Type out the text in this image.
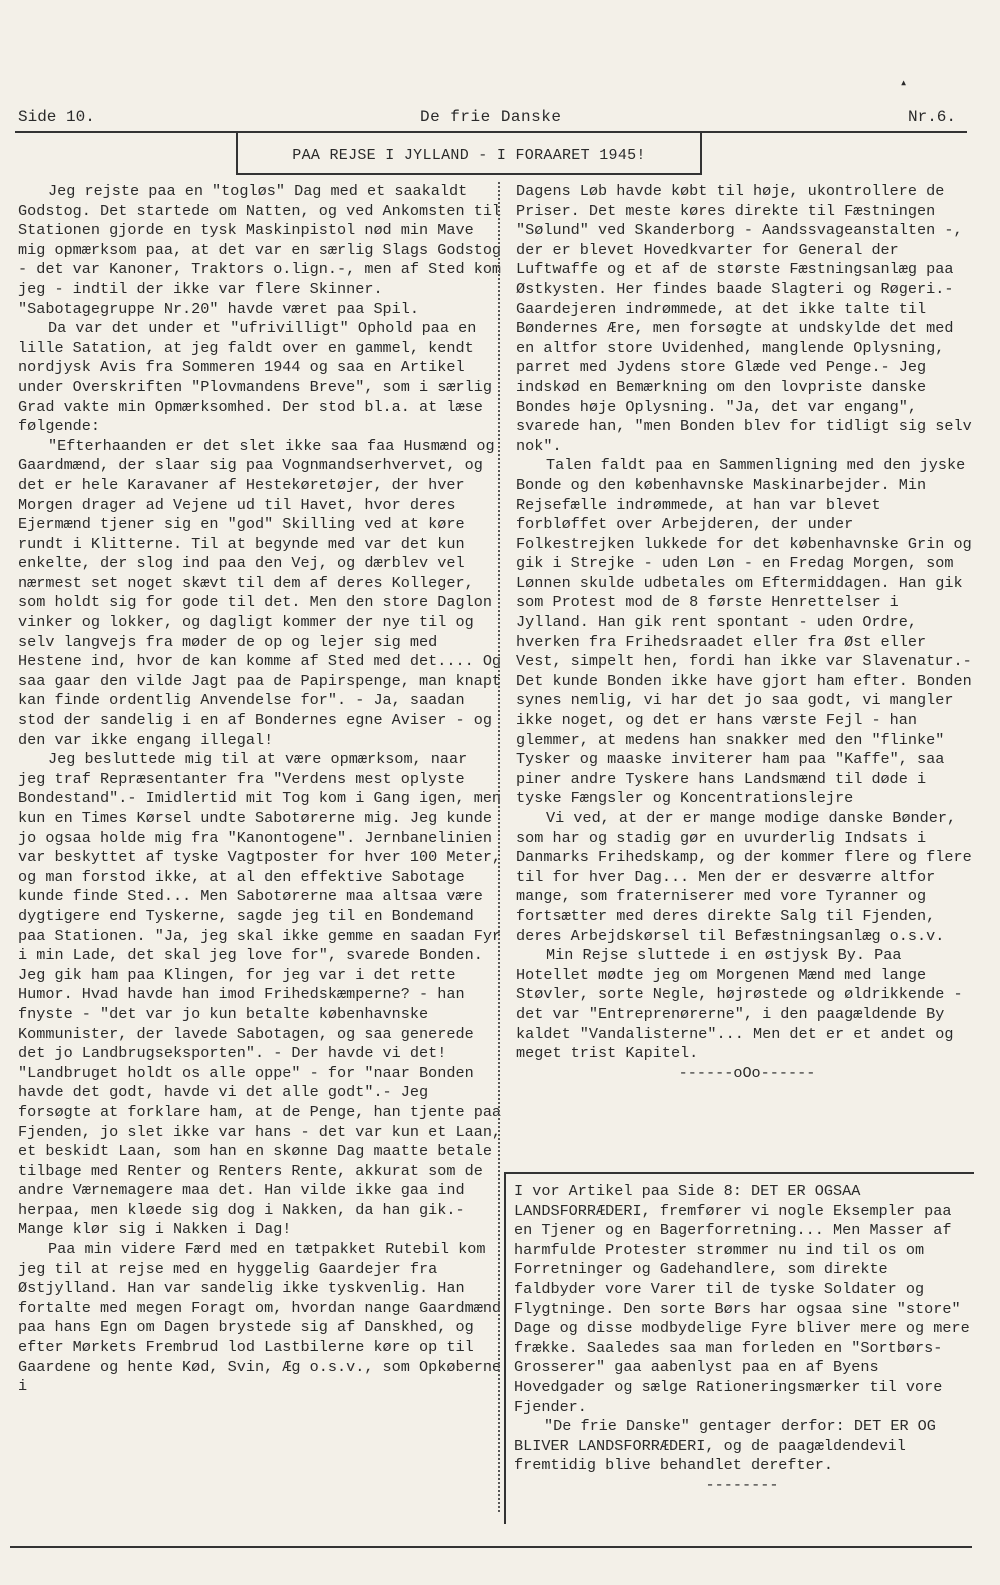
▴
Side 10.	De frie Danske	Nr.6.
PAA REJSE I JYLLAND - I FORAARET 1945!

Jeg rejste paa en "togløs" Dag med et saakaldt Godstog. Det startede om Natten, og ved Ankomsten til Stationen gjorde en tysk Maskinpistol nød min Mave mig opmærksom paa, at det var en særlig Slags Godstog - det var Kanoner, Traktors o.lign.-, men af Sted kom jeg - indtil der ikke var flere Skinner. "Sabotagegruppe Nr.20" havde været paa Spil.

Da var det under et "ufrivilligt" Ophold paa en lille Satation, at jeg faldt over en gammel, kendt nordjysk Avis fra Sommeren 1944 og saa en Artikel under Overskriften "Plovmandens Breve", som i særlig Grad vakte min Opmærksomhed. Der stod bl.a. at læse følgende:

"Efterhaanden er det slet ikke saa faa Husmænd og Gaardmænd, der slaar sig paa Vognmandserhvervet, og det er hele Karavaner af Hestekøretøjer, der hver Morgen drager ad Vejene ud til Havet, hvor deres Ejermænd tjener sig en "god" Skilling ved at køre rundt i Klitterne. Til at begynde med var det kun enkelte, der slog ind paa den Vej, og dærblev vel nærmest set noget skævt til dem af deres Kolleger, som holdt sig for gode til det. Men den store Daglon vinker og lokker, og dagligt kommer der nye til og selv langvejs fra møder de op og lejer sig med Hestene ind, hvor de kan komme af Sted med det.... Og saa gaar den vilde Jagt paa de Papirspenge, man knapt kan finde ordentlig Anvendelse for". - Ja, saadan stod der sandelig i en af Bondernes egne Aviser - og den var ikke engang illegal!

Jeg besluttede mig til at være opmærksom, naar jeg traf Repræsentanter fra "Verdens mest oplyste Bondestand".- Imidlertid mit Tog kom i Gang igen, men kun en Times Kørsel undte Sabotørerne mig. Jeg kunde jo ogsaa holde mig fra "Kanontogene". Jernbanelinien var beskyttet af tyske Vagtposter for hver 100 Meter, og man forstod ikke, at al den effektive Sabotage kunde finde Sted... Men Sabotørerne maa altsaa være dygtigere end Tyskerne, sagde jeg til en Bondemand paa Stationen. "Ja, jeg skal ikke gemme en saadan Fyr i min Lade, det skal jeg love for", svarede Bonden. Jeg gik ham paa Klingen, for jeg var i det rette Humor. Hvad havde han imod Frihedskæmperne? - han fnyste - "det var jo kun betalte københavnske Kommunister, der lavede Sabotagen, og saa generede det jo Landbrugseksporten". - Der havde vi det! "Landbruget holdt os alle oppe" - for "naar Bonden havde det godt, havde vi det alle godt".- Jeg forsøgte at forklare ham, at de Penge, han tjente paa Fjenden, jo slet ikke var hans - det var kun et Laan, et beskidt Laan, som han en skønne Dag maatte betale tilbage med Renter og Renters Rente, akkurat som de andre Værnemagere maa det. Han vilde ikke gaa ind herpaa, men kløede sig dog i Nakken, da han gik.- Mange klør sig i Nakken i Dag!

Paa min videre Færd med en tætpakket Rutebil kom jeg til at rejse med en hyggelig Gaardejer fra Østjylland. Han var sandelig ikke tyskvenlig. Han fortalte med megen Foragt om, hvordan nange Gaardmænd paa hans Egn om Dagen brystede sig af Danskhed, og efter Mørkets Frembrud lod Lastbilerne køre op til Gaardene og hente Kød, Svin, Æg o.s.v., som Opkøberne i

Dagens Løb havde købt til høje, ukontrollere de Priser. Det meste køres direkte til Fæstningen "Sølund" ved Skanderborg - Aandssvageanstalten -, der er blevet Hovedkvarter for General der Luftwaffe og et af de største Fæstningsanlæg paa Østkysten. Her findes baade Slagteri og Røgeri.- Gaardejeren indrømmede, at det ikke talte til Bøndernes Ære, men forsøgte at undskylde det med en altfor store Uvidenhed, manglende Oplysning, parret med Jydens store Glæde ved Penge.- Jeg indskød en Bemærkning om den lovpriste danske Bondes høje Oplysning. "Ja, det var engang", svarede han, "men Bonden blev for tidligt sig selv nok".

Talen faldt paa en Sammenligning med den jyske Bonde og den københavnske Maskinarbejder. Min Rejsefælle indrømmede, at han var blevet forbløffet over Arbejderen, der under Folkestrejken lukkede for det københavnske Grin og gik i Strejke - uden Løn - en Fredag Morgen, som Lønnen skulde udbetales om Eftermiddagen. Han gik som Protest mod de 8 første Henrettelser i Jylland. Han gik rent spontant - uden Ordre, hverken fra Frihedsraadet eller fra Øst eller Vest, simpelt hen, fordi han ikke var Slavenatur.- Det kunde Bonden ikke have gjort ham efter. Bonden synes nemlig, vi har det jo saa godt, vi mangler ikke noget, og det er hans værste Fejl - han glemmer, at medens han snakker med den "flinke" Tysker og maaske inviterer ham paa "Kaffe", saa piner andre Tyskere hans Landsmænd til døde i tyske Fængsler og Koncentrationslejre

Vi ved, at der er mange modige danske Bønder, som har og stadig gør en uvurderlig Indsats i Danmarks Frihedskamp, og der kommer flere og flere til for hver Dag... Men der er desværre altfor mange, som fraterniserer med vore Tyranner og fortsætter med deres direkte Salg til Fjenden, deres Arbejdskørsel til Befæstningsanlæg o.s.v.

Min Rejse sluttede i en østjysk By. Paa Hotellet mødte jeg om Morgenen Mænd med lange Støvler, sorte Negle, højrøstede og øldrikkende - det var "Entreprenørerne", i den paagældende By kaldet "Vandalisterne"... Men det er et andet og meget trist Kapitel.

------oOo------

I vor Artikel paa Side 8: DET ER OGSAA LANDSFORRÆDERI, fremfører vi nogle Eksempler paa en Tjener og en Bagerforretning... Men Masser af harmfulde Protester strømmer nu ind til os om Forretninger og Gadehandlere, som direkte faldbyder vore Varer til de tyske Soldater og Flygtninge. Den sorte Børs har ogsaa sine "store" Dage og disse modbydelige Fyre bliver mere og mere frække. Saaledes saa man forleden en "Sortbørs-Grosserer" gaa aabenlyst paa en af Byens Hovedgader og sælge Rationeringsmærker til vore Fjender.

"De frie Danske" gentager derfor: DET ER OG BLIVER LANDSFORRÆDERI, og de paagældendevil fremtidig blive behandlet derefter.

--------
